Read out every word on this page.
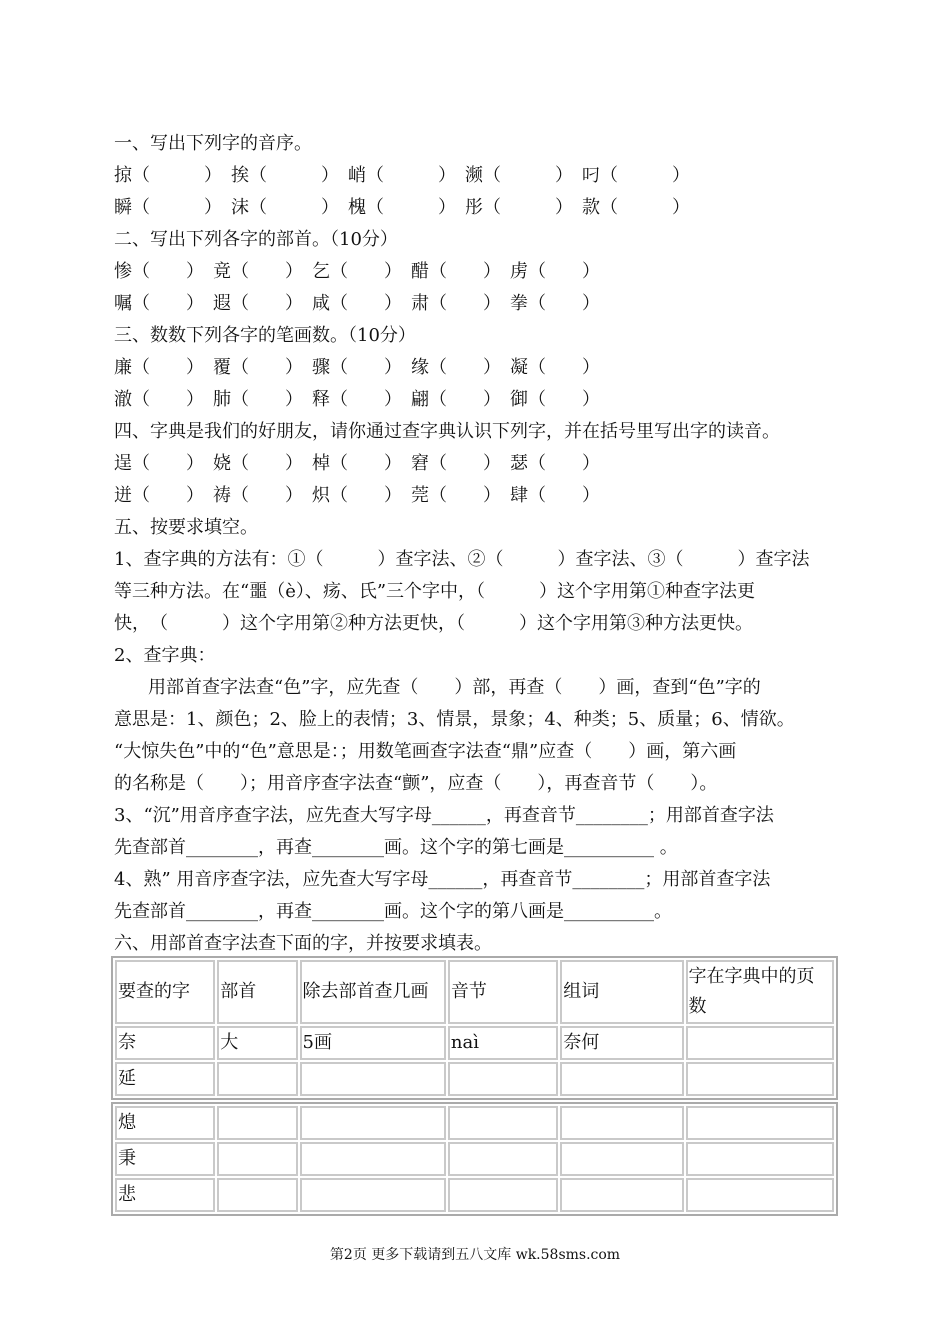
一、写出下列字的音序。
掠（　　　）　挨（　　　）　峭（　　　）　濒（　　　）　叼（　　　）
瞬（　　　）　沫（　　　）　槐（　　　）　彤（　　　）　款（　　　）
二、写出下列各字的部首。（10分）
惨（　　）　竟（　　）　乞（　　）　醋（　　）　虏（　　）
嘱（　　）　遐（　　）　咸（　　）　肃（　　）　拳（　　）
三、数数下列各字的笔画数。（10分）
廉（　　）　覆（　　）　骤（　　）　缘（　　）　凝（　　）
澈（　　）　肺（　　）　释（　　）　翩（　　）　御（　　）
四、字典是我们的好朋友，请你通过查字典认识下列字，并在括号里写出字的读音。
逞（　　）　娆（　　）　棹（　　）　窘（　　）　瑟（　　）
迸（　　）　祷（　　）　炽（　　）　莞（　　）　肆（　　）
五、按要求填空。
1、查字典的方法有：①（　　　）查字法、②（　　　）查字法、③（　　　）查字法
等三种方法。在“噩（è）、疡、氏”三个字中，（　　　）这个字用第①种查字法更
快，　（　　　）这个字用第②种方法更快，（　　　）这个字用第③种方法更快。
2、查字典：
用部首查字法查“色”字，应先查（　　）部，再查（　　）画，查到“色”字的
意思是：1、颜色；2、脸上的表情；3、情景，景象；4、种类；5、质量；6、情欲。
“大惊失色”中的“色”意思是：；用数笔画查字法查“鼎”应查（　　）画，第六画
的名称是（　　）；用音序查字法查“颤”，应查（　　），再查音节（　　）。
3、“沉”用音序查字法，应先查大写字母______，再查音节________；用部首查字法
先查部首________，再查________画。这个字的第七画是__________ 。
4、熟” 用音序查字法，应先查大写字母______，再查音节________；用部首查字法
先查部首________，再查________画。这个字的第八画是__________。
六、用部首查字法查下面的字，并按要求填表。
要查的字	部首	除去部首查几画	音节	组词	字在字典中的页数
奈	大	5画	naì	奈何	
延					
熄					
秉					
悲					
第2页 更多下载请到五八文库 wk.58sms.com
